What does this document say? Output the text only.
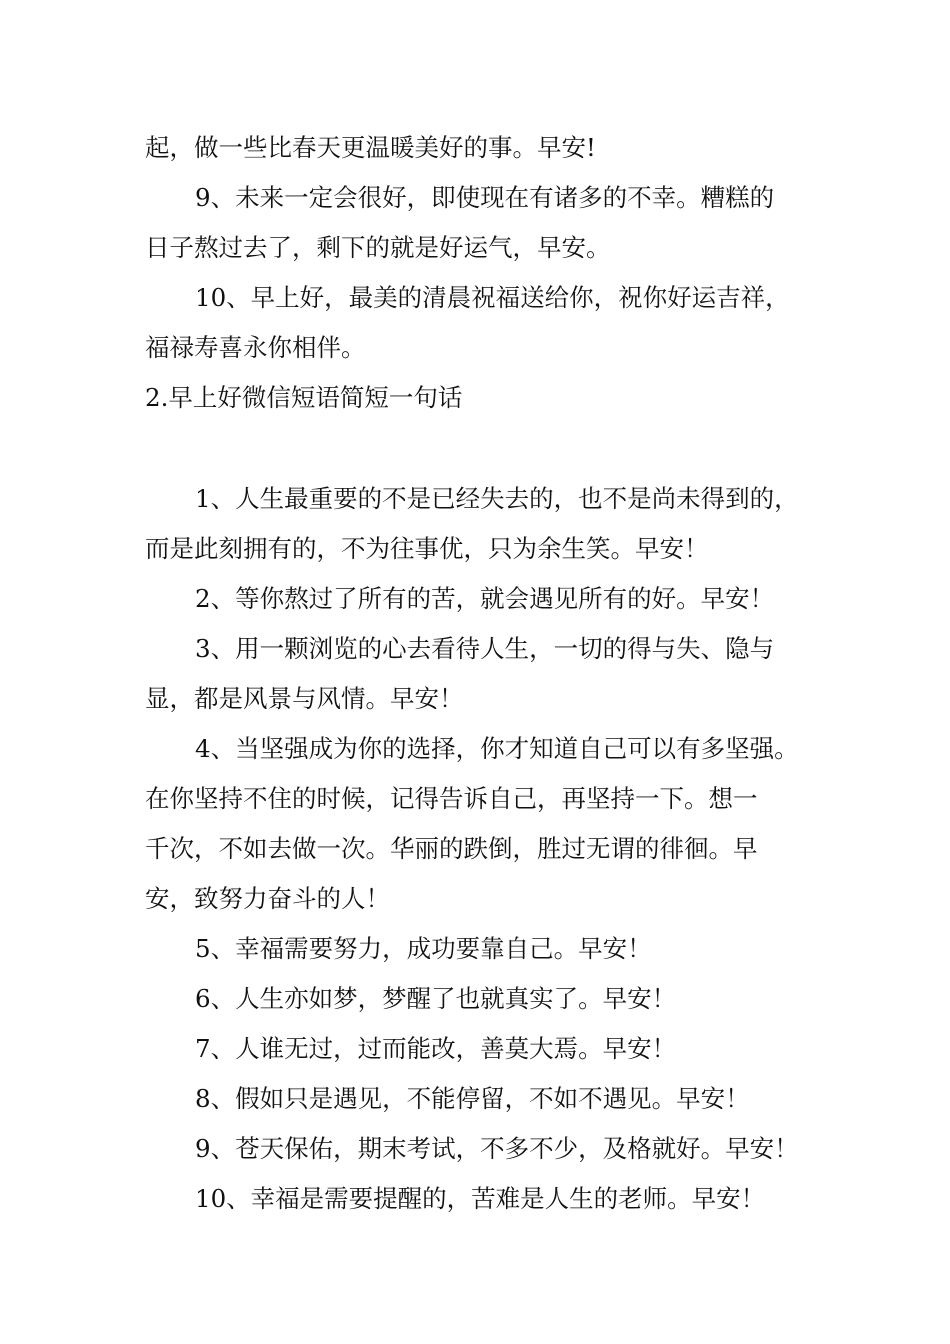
起，做一些比春天更温暖美好的事。早安!
9、未来一定会很好，即使现在有诸多的不幸。糟糕的
日子熬过去了，剩下的就是好运气，早安。
10、早上好，最美的清晨祝福送给你，祝你好运吉祥，
福禄寿喜永你相伴。
2.早上好微信短语简短一句话
1、人生最重要的不是已经失去的，也不是尚未得到的，
而是此刻拥有的，不为往事优，只为余生笑。早安！
2、等你熬过了所有的苦，就会遇见所有的好。早安！
3、用一颗浏览的心去看待人生，一切的得与失、隐与
显，都是风景与风情。早安！
4、当坚强成为你的选择，你才知道自己可以有多坚强。
在你坚持不住的时候，记得告诉自己，再坚持一下。想一
千次，不如去做一次。华丽的跌倒，胜过无谓的徘徊。早
安，致努力奋斗的人！
5、幸福需要努力，成功要靠自己。早安！
6、人生亦如梦，梦醒了也就真实了。早安！
7、人谁无过，过而能改，善莫大焉。早安！
8、假如只是遇见，不能停留，不如不遇见。早安！
9、苍天保佑，期末考试，不多不少，及格就好。早安！
10、幸福是需要提醒的，苦难是人生的老师。早安！
